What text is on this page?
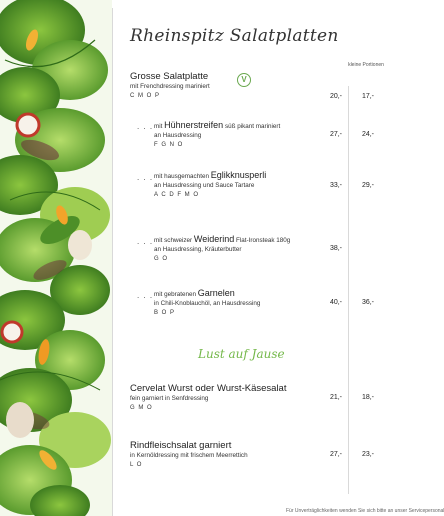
Rheinspitz Salatplatten
kleine Portionen
Grosse Salatplatte
mit Frenchdressing mariniert
C M O P
V
20,-	17,-
. . . mit Hühnerstreifen süß pikant mariniert
an Hausdressing
F G N O
27,-	24,-
. . . mit hausgemachten Eglikknusperli
an Hausdressing und Sauce Tartare
A C D F M O
33,-	29,-
. . . mit schweizer Weiderind Flat-Ironsteak 180g
an Hausdressing, Kräuterbutter
G O
38,-
. . . mit gebratenen Garnelen
in Chili-Knoblauchöl, an Hausdressing
B O P
40,-	36,-
Lust auf Jause
Cervelat Wurst oder Wurst-Käsesalat
fein garniert in Senfdressing
G M O
21,-	18,-
Rindfleischsalat garniert
in Kernöldressing mit frischem Meerrettich
L O
27,-	23,-
Für Unverträglichkeiten wenden Sie sich bitte an unser Servicepersonal
